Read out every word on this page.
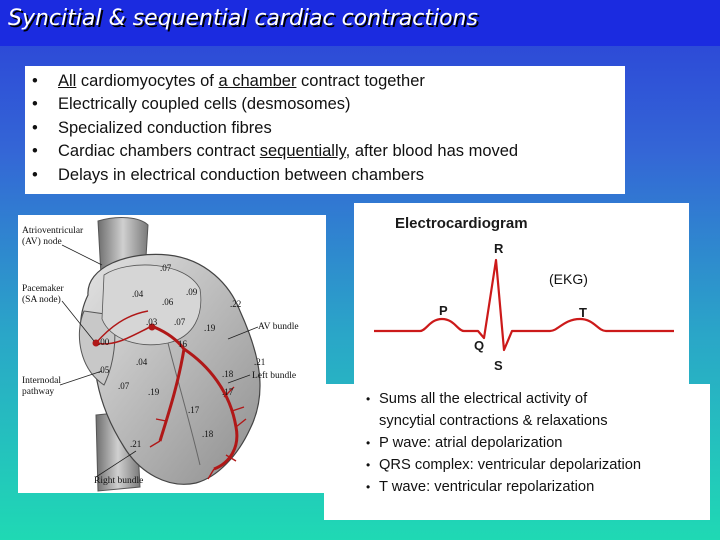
Syncitial & sequential cardiac contractions
• All cardiomyocytes of a chamber contract together
• Electrically coupled cells (desmosomes)
• Specialized conduction fibres
• Cardiac chambers contract sequentially, after blood has moved
• Delays in electrical conduction between chambers
Atrioventricular
(AV) node
Pacemaker
(SA node)
Internodal
pathway
AV bundle
Left bundle
Right bundle
.07
.04
.06
.09
.22
.03 .07
.19
.00	16
.05
.04
.07
.21
.18
.17
.19
.17
.18
.21
Electrocardiogram
(EKG)
R
P	T
Q
S
• Sums all the electrical activity of
syncytial contractions & relaxations
• P wave: atrial depolarization
• QRS complex: ventricular depolarization
• T wave: ventricular repolarization
